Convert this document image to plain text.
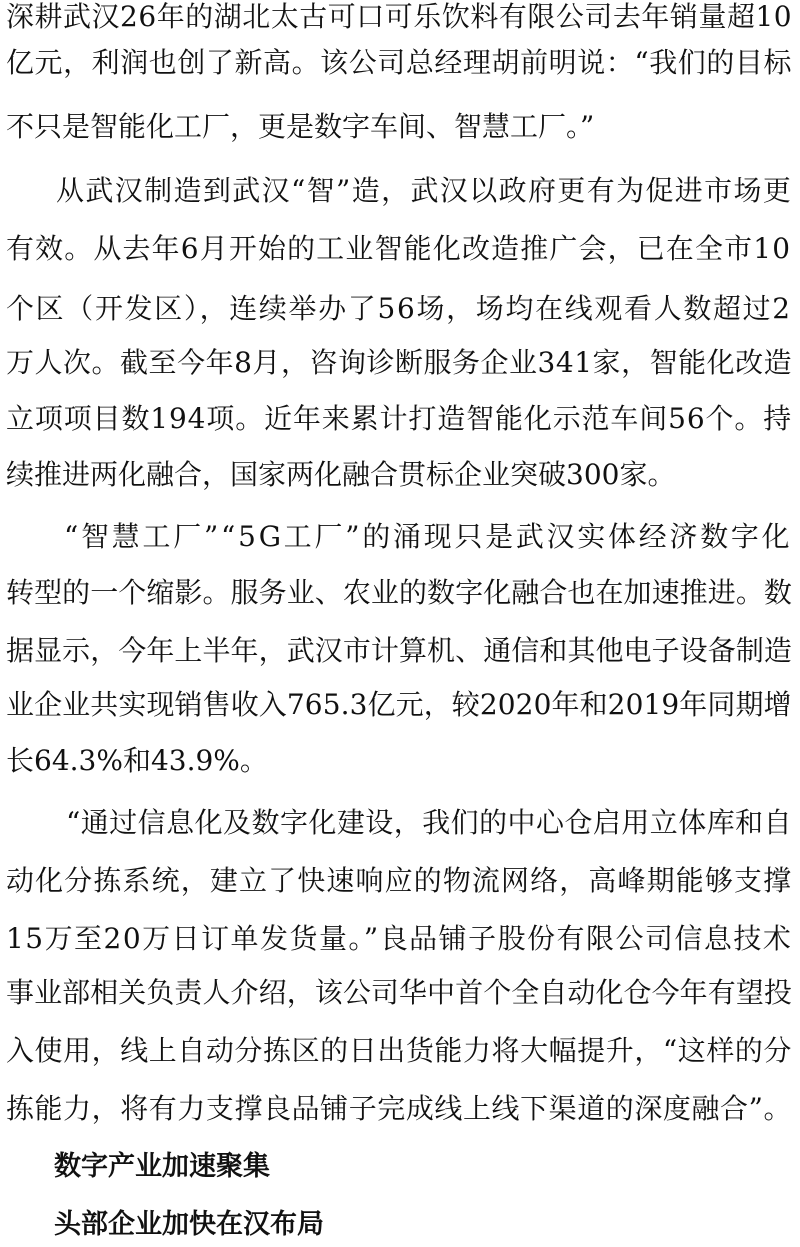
深耕武汉26年的湖北太古可口可乐饮料有限公司去年销量超10
亿元，利润也创了新高。该公司总经理胡前明说：“我们的目标
不只是智能化工厂，更是数字车间、智慧工厂。”
从武汉制造到武汉“智”造，武汉以政府更有为促进市场更
有效。从去年6月开始的工业智能化改造推广会，已在全市10
个区（开发区），连续举办了56场，场均在线观看人数超过2
万人次。截至今年8月，咨询诊断服务企业341家，智能化改造
立项项目数194项。近年来累计打造智能化示范车间56个。持
续推进两化融合，国家两化融合贯标企业突破300家。
“智慧工厂”“5G工厂”的涌现只是武汉实体经济数字化
转型的一个缩影。服务业、农业的数字化融合也在加速推进。数
据显示，今年上半年，武汉市计算机、通信和其他电子设备制造
业企业共实现销售收入765.3亿元，较2020年和2019年同期增
长64.3%和43.9%。
“通过信息化及数字化建设，我们的中心仓启用立体库和自
动化分拣系统，建立了快速响应的物流网络，高峰期能够支撑
15万至20万日订单发货量。”良品铺子股份有限公司信息技术
事业部相关负责人介绍，该公司华中首个全自动化仓今年有望投
入使用，线上自动分拣区的日出货能力将大幅提升，“这样的分
拣能力，将有力支撑良品铺子完成线上线下渠道的深度融合”。
数字产业加速聚集
头部企业加快在汉布局
